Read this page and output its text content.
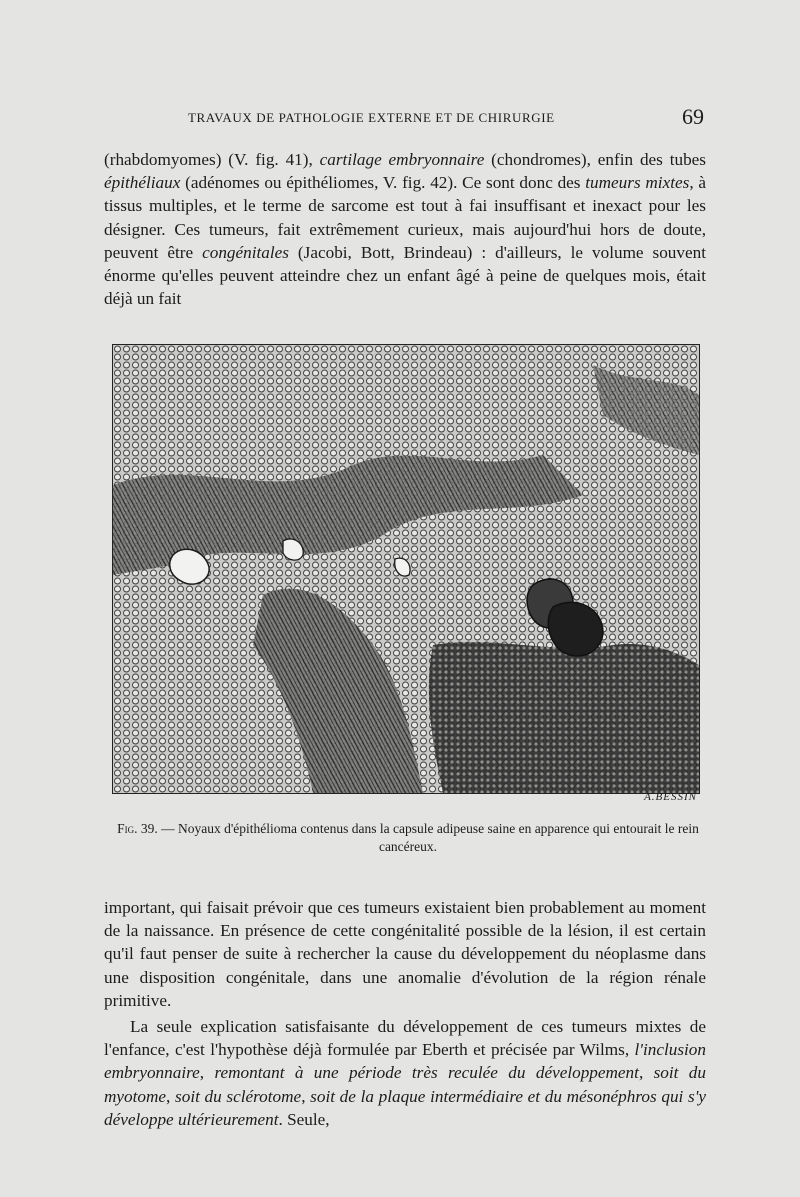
TRAVAUX DE PATHOLOGIE EXTERNE ET DE CHIRURGIE	69

(rhabdomyomes) (V. fig. 41), cartilage embryonnaire (chondromes), enfin des tubes épithéliaux (adénomes ou épithéliomes, V. fig. 42). Ce sont donc des tumeurs mixtes, à tissus multiples, et le terme de sarcome est tout à fai insuffisant et inexact pour les désigner. Ces tumeurs, fait extrêmement curieux, mais aujourd'hui hors de doute, peuvent être congénitales (Jacobi, Bott, Brindeau) : d'ailleurs, le volume souvent énorme qu'elles peuvent atteindre chez un enfant âgé à peine de quelques mois, était déjà un fait

A.BESSIN
Fig. 39. — Noyaux d'épithélioma contenus dans la capsule adipeuse saine en apparence qui entourait le rein cancéreux.

important, qui faisait prévoir que ces tumeurs existaient bien probablement au moment de la naissance. En présence de cette congénitalité possible de la lésion, il est certain qu'il faut penser de suite à rechercher la cause du développement du néoplasme dans une disposition congénitale, dans une anomalie d'évolution de la région rénale primitive.

La seule explication satisfaisante du développement de ces tumeurs mixtes de l'enfance, c'est l'hypothèse déjà formulée par Eberth et précisée par Wilms, l'inclusion embryonnaire, remontant à une période très reculée du développement, soit du myotome, soit du sclérotome, soit de la plaque intermédiaire et du mésonéphros qui s'y développe ultérieurement. Seule,
